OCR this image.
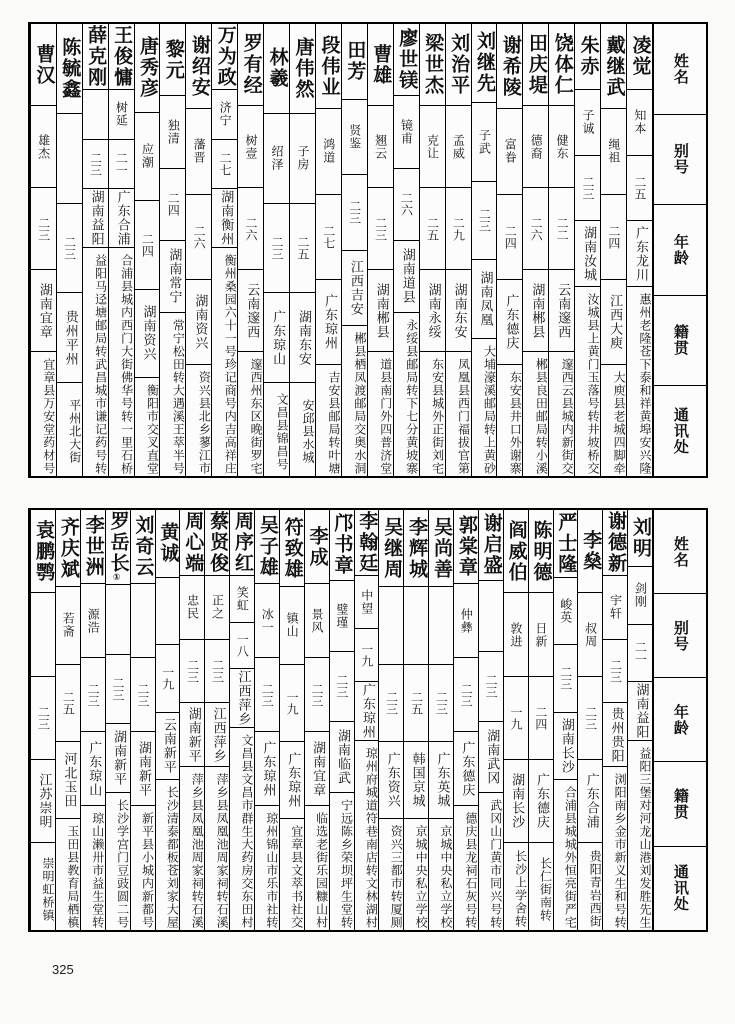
姓名
别号
年龄
籍贯
通讯处
凌觉
知本
二五
广东龙川
惠州老隆苍下泰和祥黄埠安兴隆
戴继武
绳祖
二四
江西大庾
大庾县老城四脚牵
朱赤
子诚
二三
湖南汝城
汝城县上黄门玉落号转井坡桥交
饶体仁
健东
二二
云南邃西
邃西云县城内新街交
田庆堤
德裔
二六
湖南郴县
郴县良田邮局转小溪
谢希陵
富眷
二四
广东德庆
东安县井口外谢寨
刘继先
子武
二三
湖南凤凰
大埔濠溪邮局转上黄砂
刘治平
孟威
二九
湖南东安
凤凰县西门福拔官第
梁世杰
克让
二五
湖南永绥
东安县城外正街刘宅
廖世镁
镜甫
二六
湖南道县
永绥县邮局转下七分黄坡寨
曹雄
翘云
二三
湖南郴县
道县南门外四普济堂
田芳
贤鉴
二三
江西吉安
郴县栖凤渡邮局交奥水洞
段伟业
鸿道
二七
广东琼州
吉安县邮局转叶塘
唐伟然
子房
二五
湖南东安
安邱县水城
林羲
绍泽
二三
广东琼山
文昌县锦昌号
罗有经
树壹
二六
云南邃西
邃西州东区晚街罗宅
万为政
济宁
二七
湖南衡州
衡州桑园六十一号珍记商号内吉高祥庄
谢绍安
藩晋
二六
湖南资兴
资兴县北乡蓼江市
黎元
独清
二四
湖南常宁
常宁松田转大遇溪王萃半号
唐秀彦
应潮
二四
湖南资兴
衡阳市交叉直堂
王俊慵
树延
二一
广东合浦
合浦县城内西门大街佛华号转一里石桥
薛克刚
二三
湖南益阳
益阳马迳塘邮局转武昌城市谦记药号转
陈毓鑫
二三
贵州平州
平州北大街
曹汉
雄杰
二三
湖南宜章
宜章县万安堂药材号
姓名
别号
年龄
籍贯
通讯处
刘明
剑刚
二一
湖南益阳
益阳三堡对河龙山港刘发胜先生
谢德新
宇轩
二三
贵州贵阳
浏阳南乡金市新义生和号转
李燊
叔周
二三
广东合浦
贵阳青岩西街
严士隆
峻英
二三
湖南长沙
合浦县城城外恒亮街严宅
陈明德
日新
二四
广东德庆
长仁街南转
阎威伯
敦进
一九
湖南长沙
长沙上学舍转
谢启盛
二三
湖南武冈
武冈山门黄市同兴号转
郭棠章
仲彝
二三
广东德庆
德庆县龙祠石灰号转
吴尚善
二三
广东英城
京城中央私立学校
李辉城
二五
韩国京城
京城中央私立学校
吴继周
二三
广东资兴
资兴三都市转厦厕
李翰廷
中望
一九
广东琼州
琼州府城道符巷南店转文林湖村
邝书章
璧瑾
二三
湖南临武
宁远陈乡荣坝坪生堂转
李成
景风
二三
湖南宜章
临选老街乐园糠山村
符致雄
镇山
一九
广东琼州
宜章县文萃书社交
吴子雄
冰一
二三
广东琼州
琼州锦山市乐市社转
周序红
笑虹
一八
江西萍乡
文昌县文昌市群生大药房交东田村
蔡贤俊
正之
二三
江西萍乡
萍乡县凤凰池周家祠转石溪
周心端
忠民
二三
湖南新平
萍乡县凤凰池周家祠转石溪
黄诚
一九
云南新平
长沙清泰都板苍刘家大屋
刘奇云
二三
湖南新平
新平县小城内新都号
罗岳长
①
二三
湖南新平
长沙学宫门豆豉圆二号
李世洲
源浩
二三
广东琼山
琼山濑卅市益生堂转
齐庆斌
若斋
二五
河北玉田
玉田县教育局栖槙
袁鹏鹗
二三
江苏崇明
崇明虹桥镇
325
